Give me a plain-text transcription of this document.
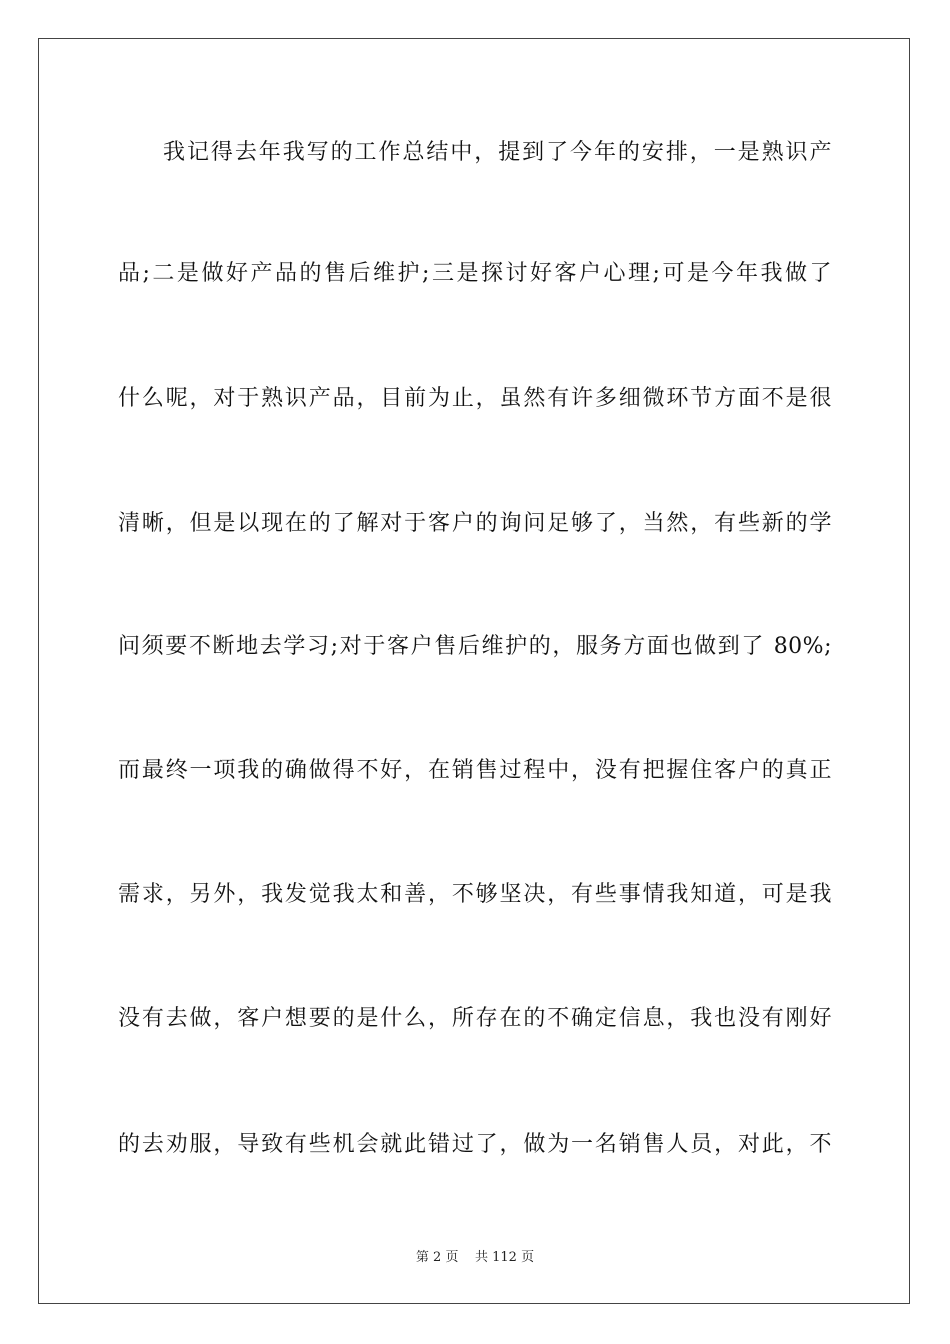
我记得去年我写的工作总结中，提到了今年的安排，一是熟识产
品;二是做好产品的售后维护;三是探讨好客户心理;可是今年我做了
什么呢，对于熟识产品，目前为止，虽然有许多细微环节方面不是很
清晰，但是以现在的了解对于客户的询问足够了，当然，有些新的学
问须要不断地去学习;对于客户售后维护的，服务方面也做到了 80%;
而最终一项我的确做得不好，在销售过程中，没有把握住客户的真正
需求，另外，我发觉我太和善，不够坚决，有些事情我知道，可是我
没有去做，客户想要的是什么，所存在的不确定信息，我也没有刚好
的去劝服，导致有些机会就此错过了，做为一名销售人员，对此，不
第 2 页 共 112 页
